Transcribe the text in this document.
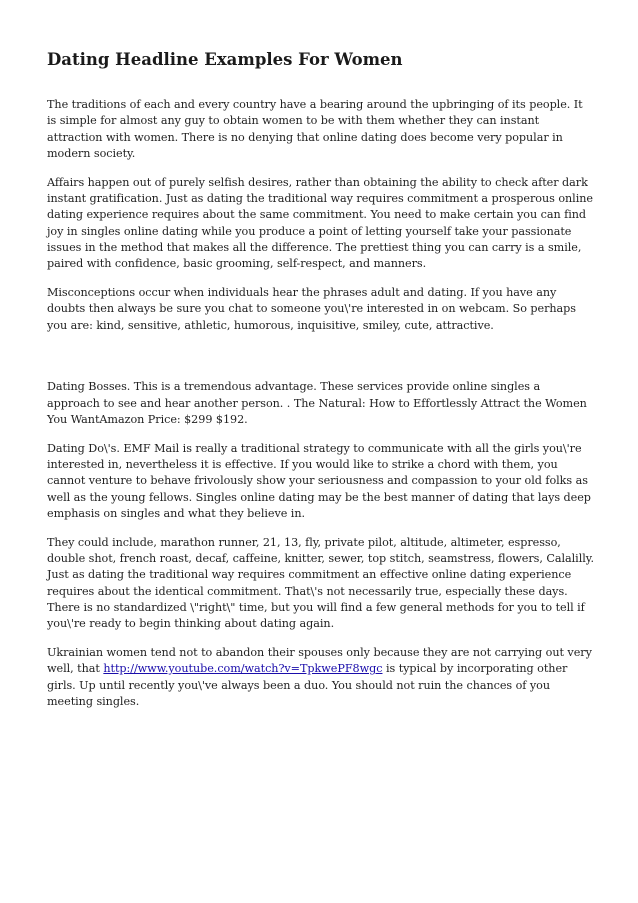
Dating Headline Examples For Women

The traditions of each and every country have a bearing around the upbringing of its people. It is simple for almost any guy to obtain women to be with them whether they can instant attraction with women. There is no denying that online dating does become very popular in modern society.

Affairs happen out of purely selfish desires, rather than obtaining the ability to check after dark instant gratification. Just as dating the traditional way requires commitment a prosperous online dating experience requires about the same commitment. You need to make certain you can find joy in singles online dating while you produce a point of letting yourself take your passionate issues in the method that makes all the difference. The prettiest thing you can carry is a smile, paired with confidence, basic grooming, self-respect, and manners.

Misconceptions occur when individuals hear the phrases adult and dating. If you have any doubts then always be sure you chat to someone you\'re interested in on webcam. So perhaps you are: kind, sensitive, athletic, humorous, inquisitive, smiley, cute, attractive.

Dating Bosses. This is a tremendous advantage. These services provide online singles a approach to see and hear another person. . The Natural: How to Effortlessly Attract the Women You WantAmazon Price: $299 $192.

Dating Do\'s. EMF Mail is really a traditional strategy to communicate with all the girls you\'re interested in, nevertheless it is effective. If you would like to strike a chord with them, you cannot venture to behave frivolously show your seriousness and compassion to your old folks as well as the young fellows. Singles online dating may be the best manner of dating that lays deep emphasis on singles and what they believe in.

They could include, marathon runner, 21, 13, fly, private pilot, altitude, altimeter, espresso, double shot, french roast, decaf, caffeine, knitter, sewer, top stitch, seamstress, flowers, Calalilly. Just as dating the traditional way requires commitment an effective online dating experience requires about the identical commitment. That\'s not necessarily true, especially these days. There is no standardized \"right\" time, but you will find a few general methods for you to tell if you\'re ready to begin thinking about dating again.

Ukrainian women tend not to abandon their spouses only because they are not carrying out very well, that http://www.youtube.com/watch?v=TpkwePF8wgc is typical by incorporating other girls. Up until recently you\'ve always been a duo. You should not ruin the chances of you meeting singles.
